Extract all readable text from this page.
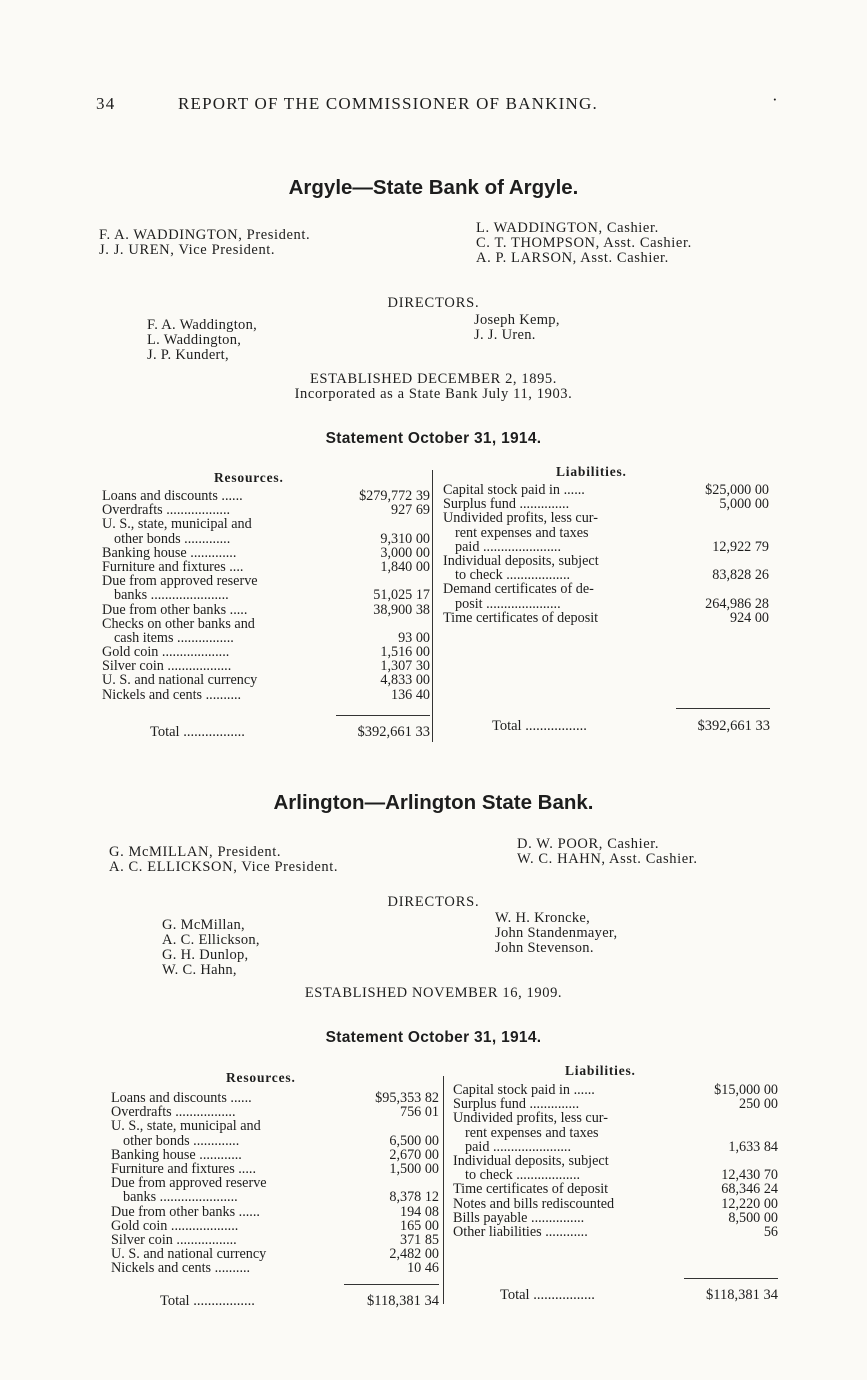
34	REPORT OF THE COMMISSIONER OF BANKING.	·
Argyle—State Bank of Argyle.
F. A. WADDINGTON, President.
J. J. UREN, Vice President.
L. WADDINGTON, Cashier.
C. T. THOMPSON, Asst. Cashier.
A. P. LARSON, Asst. Cashier.
DIRECTORS.
F. A. Waddington,
L. Waddington,
J. P. Kundert,
Joseph Kemp,
J. J. Uren.
ESTABLISHED DECEMBER 2, 1895.
Incorporated as a State Bank July 11, 1903.
Statement October 31, 1914.
Resources.	Liabilities.
Loans and discounts ......	$279,772 39
Overdrafts ..................	927 69
U. S., state, municipal and
other bonds .............	9,310 00
Banking house .............	3,000 00
Furniture and fixtures ....	1,840 00
Due from approved reserve
banks ......................	51,025 17
Due from other banks .....	38,900 38
Checks on other banks and
cash items ................	93 00
Gold coin ...................	1,516 00
Silver coin ..................	1,307 30
U. S. and national currency	4,833 00
Nickels and cents ..........	136 40
Total .................	$392,661 33
Capital stock paid in ......	$25,000 00
Surplus fund ..............	5,000 00
Undivided profits, less cur-
rent expenses and taxes
paid ......................	12,922 79
Individual deposits, subject
to check ..................	83,828 26
Demand certificates of de-
posit .....................	264,986 28
Time certificates of deposit	924 00
Total .................	$392,661 33
Arlington—Arlington State Bank.
G. McMILLAN, President.
A. C. ELLICKSON, Vice President.
D. W. POOR, Cashier.
W. C. HAHN, Asst. Cashier.
DIRECTORS.
G. McMillan,
A. C. Ellickson,
G. H. Dunlop,
W. C. Hahn,
W. H. Kroncke,
John Standenmayer,
John Stevenson.
ESTABLISHED NOVEMBER 16, 1909.
Statement October 31, 1914.
Resources.	Liabilities.
Loans and discounts ......	$95,353 82
Overdrafts .................	756 01
U. S., state, municipal and
other bonds .............	6,500 00
Banking house ............	2,670 00
Furniture and fixtures .....	1,500 00
Due from approved reserve
banks ......................	8,378 12
Due from other banks ......	194 08
Gold coin ...................	165 00
Silver coin .................	371 85
U. S. and national currency	2,482 00
Nickels and cents ..........	10 46
Total .................	$118,381 34
Capital stock paid in ......	$15,000 00
Surplus fund ..............	250 00
Undivided profits, less cur-
rent expenses and taxes
paid ......................	1,633 84
Individual deposits, subject
to check ..................	12,430 70
Time certificates of deposit	68,346 24
Notes and bills rediscounted	12,220 00
Bills payable ...............	8,500 00
Other liabilities ............	56
Total .................	$118,381 34
